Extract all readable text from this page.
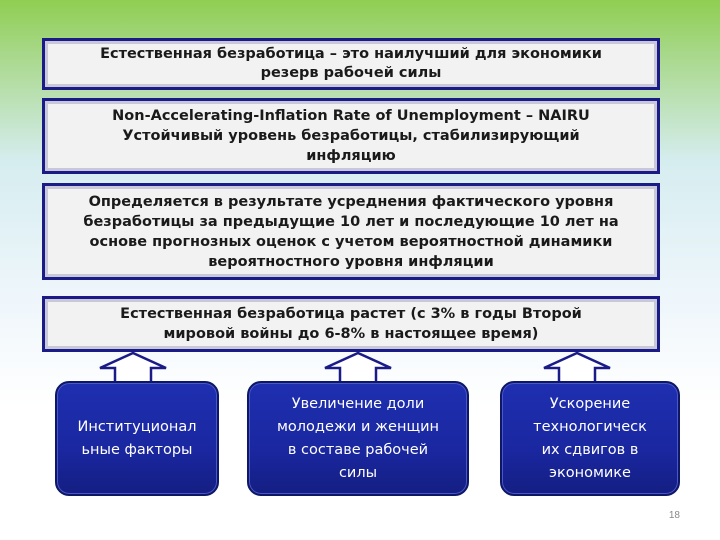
Естественная безработица – это наилучший для экономики
резерв рабочей силы
Non-Accelerating-Inflation Rate of Unemployment – NAIRU
Устойчивый уровень безработицы, стабилизирующий
инфляцию
Определяется в результате усреднения фактического уровня
безработицы за предыдущие 10 лет и последующие 10 лет на
основе прогнозных оценок с учетом вероятностной динамики
вероятностного уровня инфляции
Естественная безработица растет (с 3% в годы Второй
мировой войны до 6-8% в настоящее время)
Институционал
ьные факторы
Увеличение доли
молодежи и женщин
в составе рабочей
силы
Ускорение
технологическ
их сдвигов в
экономике
18
